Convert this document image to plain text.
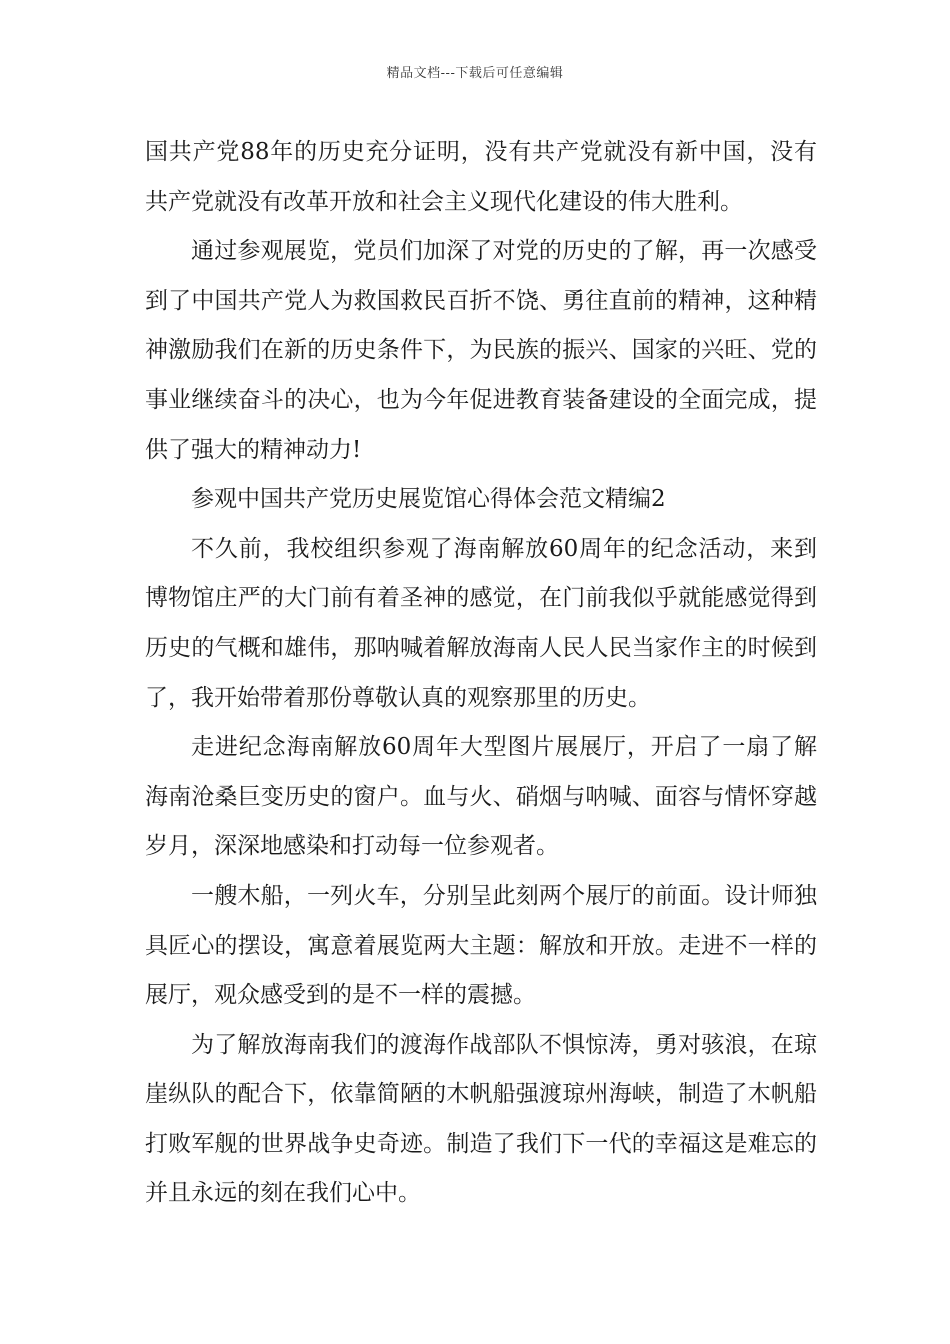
精品文档---下载后可任意编辑

国共产党88年的历史充分证明，没有共产党就没有新中国，没有共产党就没有改革开放和社会主义现代化建设的伟大胜利。

通过参观展览，党员们加深了对党的历史的了解，再一次感受到了中国共产党人为救国救民百折不饶、勇往直前的精神，这种精神激励我们在新的历史条件下，为民族的振兴、国家的兴旺、党的事业继续奋斗的决心，也为今年促进教育装备建设的全面完成，提供了强大的精神动力!

参观中国共产党历史展览馆心得体会范文精编2

不久前，我校组织参观了海南解放60周年的纪念活动，来到博物馆庄严的大门前有着圣神的感觉，在门前我似乎就能感觉得到历史的气概和雄伟，那呐喊着解放海南人民人民当家作主的时候到了，我开始带着那份尊敬认真的观察那里的历史。

走进纪念海南解放60周年大型图片展展厅，开启了一扇了解海南沧桑巨变历史的窗户。血与火、硝烟与呐喊、面容与情怀穿越岁月，深深地感染和打动每一位参观者。

一艘木船，一列火车，分别呈此刻两个展厅的前面。设计师独具匠心的摆设，寓意着展览两大主题：解放和开放。走进不一样的展厅，观众感受到的是不一样的震撼。

为了解放海南我们的渡海作战部队不惧惊涛，勇对骇浪，在琼崖纵队的配合下，依靠简陋的木帆船强渡琼州海峡，制造了木帆船打败军舰的世界战争史奇迹。制造了我们下一代的幸福这是难忘的并且永远的刻在我们心中。
